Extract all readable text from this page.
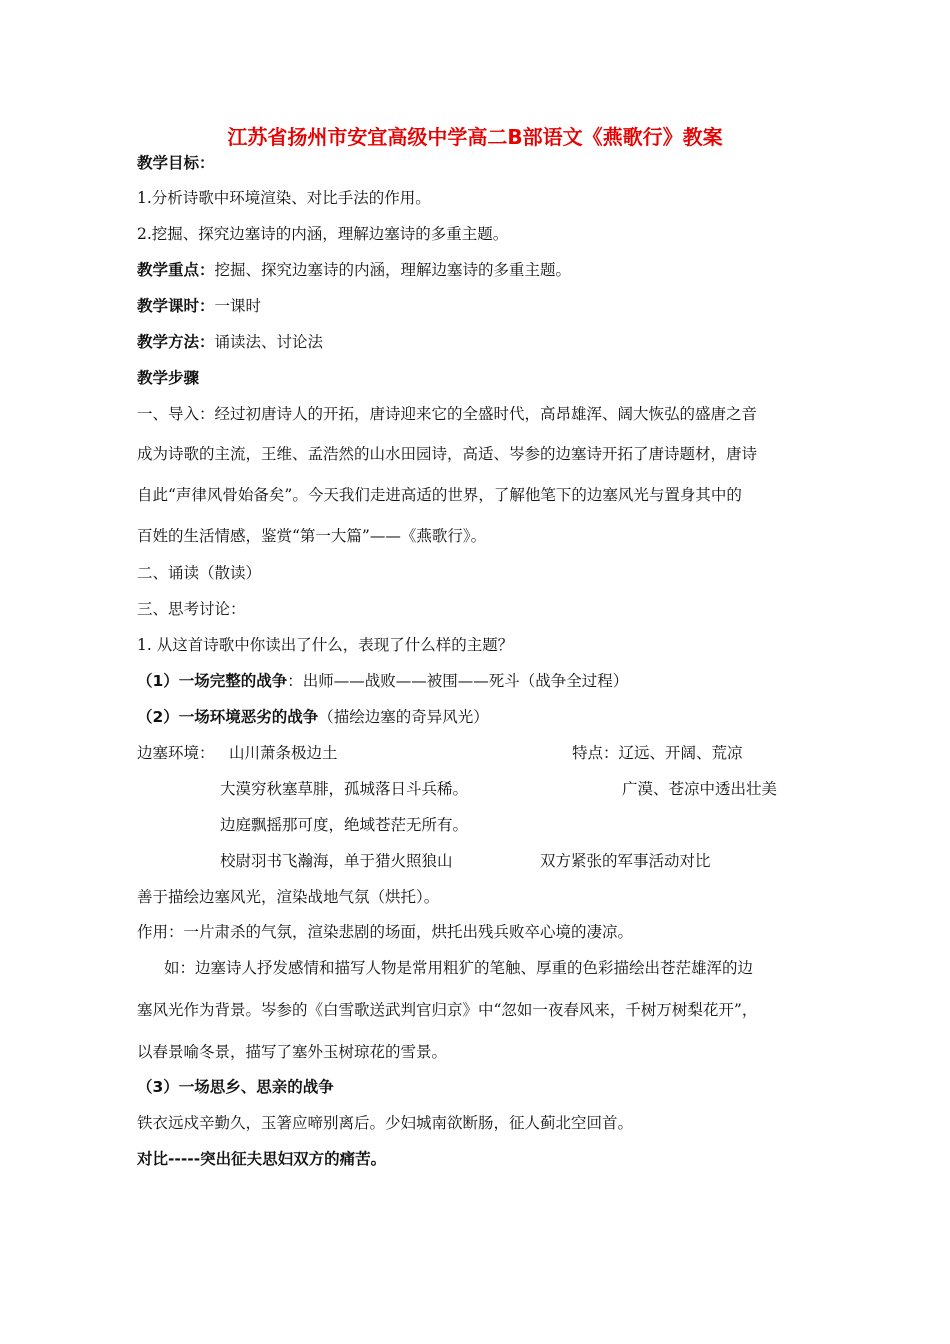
江苏省扬州市安宜高级中学高二B部语文《燕歌行》教案
教学目标：
1.分析诗歌中环境渲染、对比手法的作用。
2.挖掘、探究边塞诗的内涵，理解边塞诗的多重主题。
教学重点：挖掘、探究边塞诗的内涵，理解边塞诗的多重主题。
教学课时：一课时
教学方法：诵读法、讨论法
教学步骤
一、导入：经过初唐诗人的开拓，唐诗迎来它的全盛时代，高昂雄浑、阔大恢弘的盛唐之音
成为诗歌的主流，王维、孟浩然的山水田园诗，高适、岑参的边塞诗开拓了唐诗题材，唐诗
自此“声律风骨始备矣”。今天我们走进高适的世界，了解他笔下的边塞风光与置身其中的
百姓的生活情感，鉴赏“第一大篇”——《燕歌行》。
二、诵读（散读）
三、思考讨论：
1. 从这首诗歌中你读出了什么，表现了什么样的主题？
（1）一场完整的战争：出师——战败——被围——死斗（战争全过程）
（2）一场环境恶劣的战争（描绘边塞的奇异风光）
边塞环境： 山川萧条极边土	特点：辽远、开阔、荒凉
大漠穷秋塞草腓，孤城落日斗兵稀。	广漠、苍凉中透出壮美
边庭飘摇那可度，绝域苍茫无所有。
校尉羽书飞瀚海，单于猎火照狼山	双方紧张的军事活动对比
善于描绘边塞风光，渲染战地气氛（烘托）。
作用：一片肃杀的气氛，渲染悲剧的场面，烘托出残兵败卒心境的凄凉。
如：边塞诗人抒发感情和描写人物是常用粗犷的笔触、厚重的色彩描绘出苍茫雄浑的边
塞风光作为背景。岑参的《白雪歌送武判官归京》中“忽如一夜春风来，千树万树梨花开”，
以春景喻冬景，描写了塞外玉树琼花的雪景。
（3）一场思乡、思亲的战争
铁衣远戍辛勤久，玉箸应啼别离后。少妇城南欲断肠，征人蓟北空回首。
对比-----突出征夫思妇双方的痛苦。
